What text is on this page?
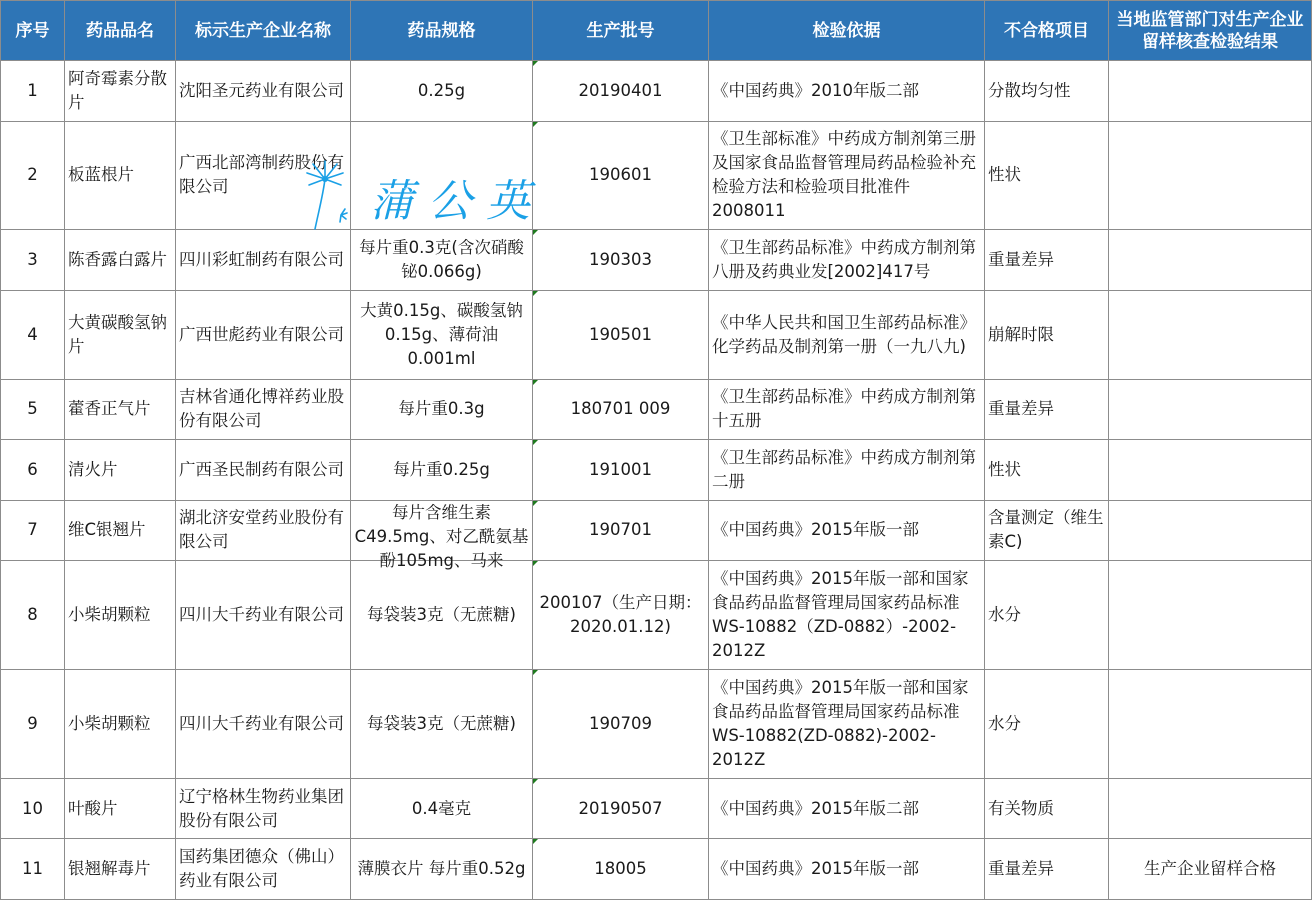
序号	药品品名	标示生产企业名称	药品规格	生产批号	检验依据	不合格项目	当地监管部门对生产企业留样核查检验结果
1	阿奇霉素分散片	沈阳圣元药业有限公司	0.25g	20190401	《中国药典》2010年版二部	分散均匀性	
2	板蓝根片	广西北部湾制药股份有限公司		190601	《卫生部标准》中药成方制剂第三册及国家食品监督管理局药品检验补充检验方法和检验项目批准件2008011	性状	
3	陈香露白露片	四川彩虹制药有限公司	每片重0.3克(含次硝酸铋0.066g)	190303	《卫生部药品标准》中药成方制剂第八册及药典业发[2002]417号	重量差异	
4	大黄碳酸氢钠片	广西世彪药业有限公司	大黄0.15g、碳酸氢钠0.15g、薄荷油0.001ml	190501	《中华人民共和国卫生部药品标准》化学药品及制剂第一册（一九八九)	崩解时限	
5	藿香正气片	吉林省通化博祥药业股份有限公司	每片重0.3g	180701 009	《卫生部药品标准》中药成方制剂第十五册	重量差异	
6	清火片	广西圣民制药有限公司	每片重0.25g	191001	《卫生部药品标准》中药成方制剂第二册	性状	
7	维C银翘片	湖北济安堂药业股份有限公司	每片含维生素C49.5mg、对乙酰氨基酚105mg、马来	190701	《中国药典》2015年版一部	含量测定（维生素C)	
8	小柴胡颗粒	四川大千药业有限公司	每袋装3克（无蔗糖)	200107（生产日期：2020.01.12)	《中国药典》2015年版一部和国家食品药品监督管理局国家药品标准WS-10882（ZD-0882）-2002-2012Z	水分	
9	小柴胡颗粒	四川大千药业有限公司	每袋装3克（无蔗糖)	190709	《中国药典》2015年版一部和国家食品药品监督管理局国家药品标准WS-10882(ZD-0882)-2002-2012Z	水分	
10	叶酸片	辽宁格林生物药业集团股份有限公司	0.4毫克	20190507	《中国药典》2015年版二部	有关物质	
11	银翘解毒片	国药集团德众（佛山）药业有限公司	薄膜衣片 每片重0.52g	18005	《中国药典》2015年版一部	重量差异	生产企业留样合格
蒲公英
